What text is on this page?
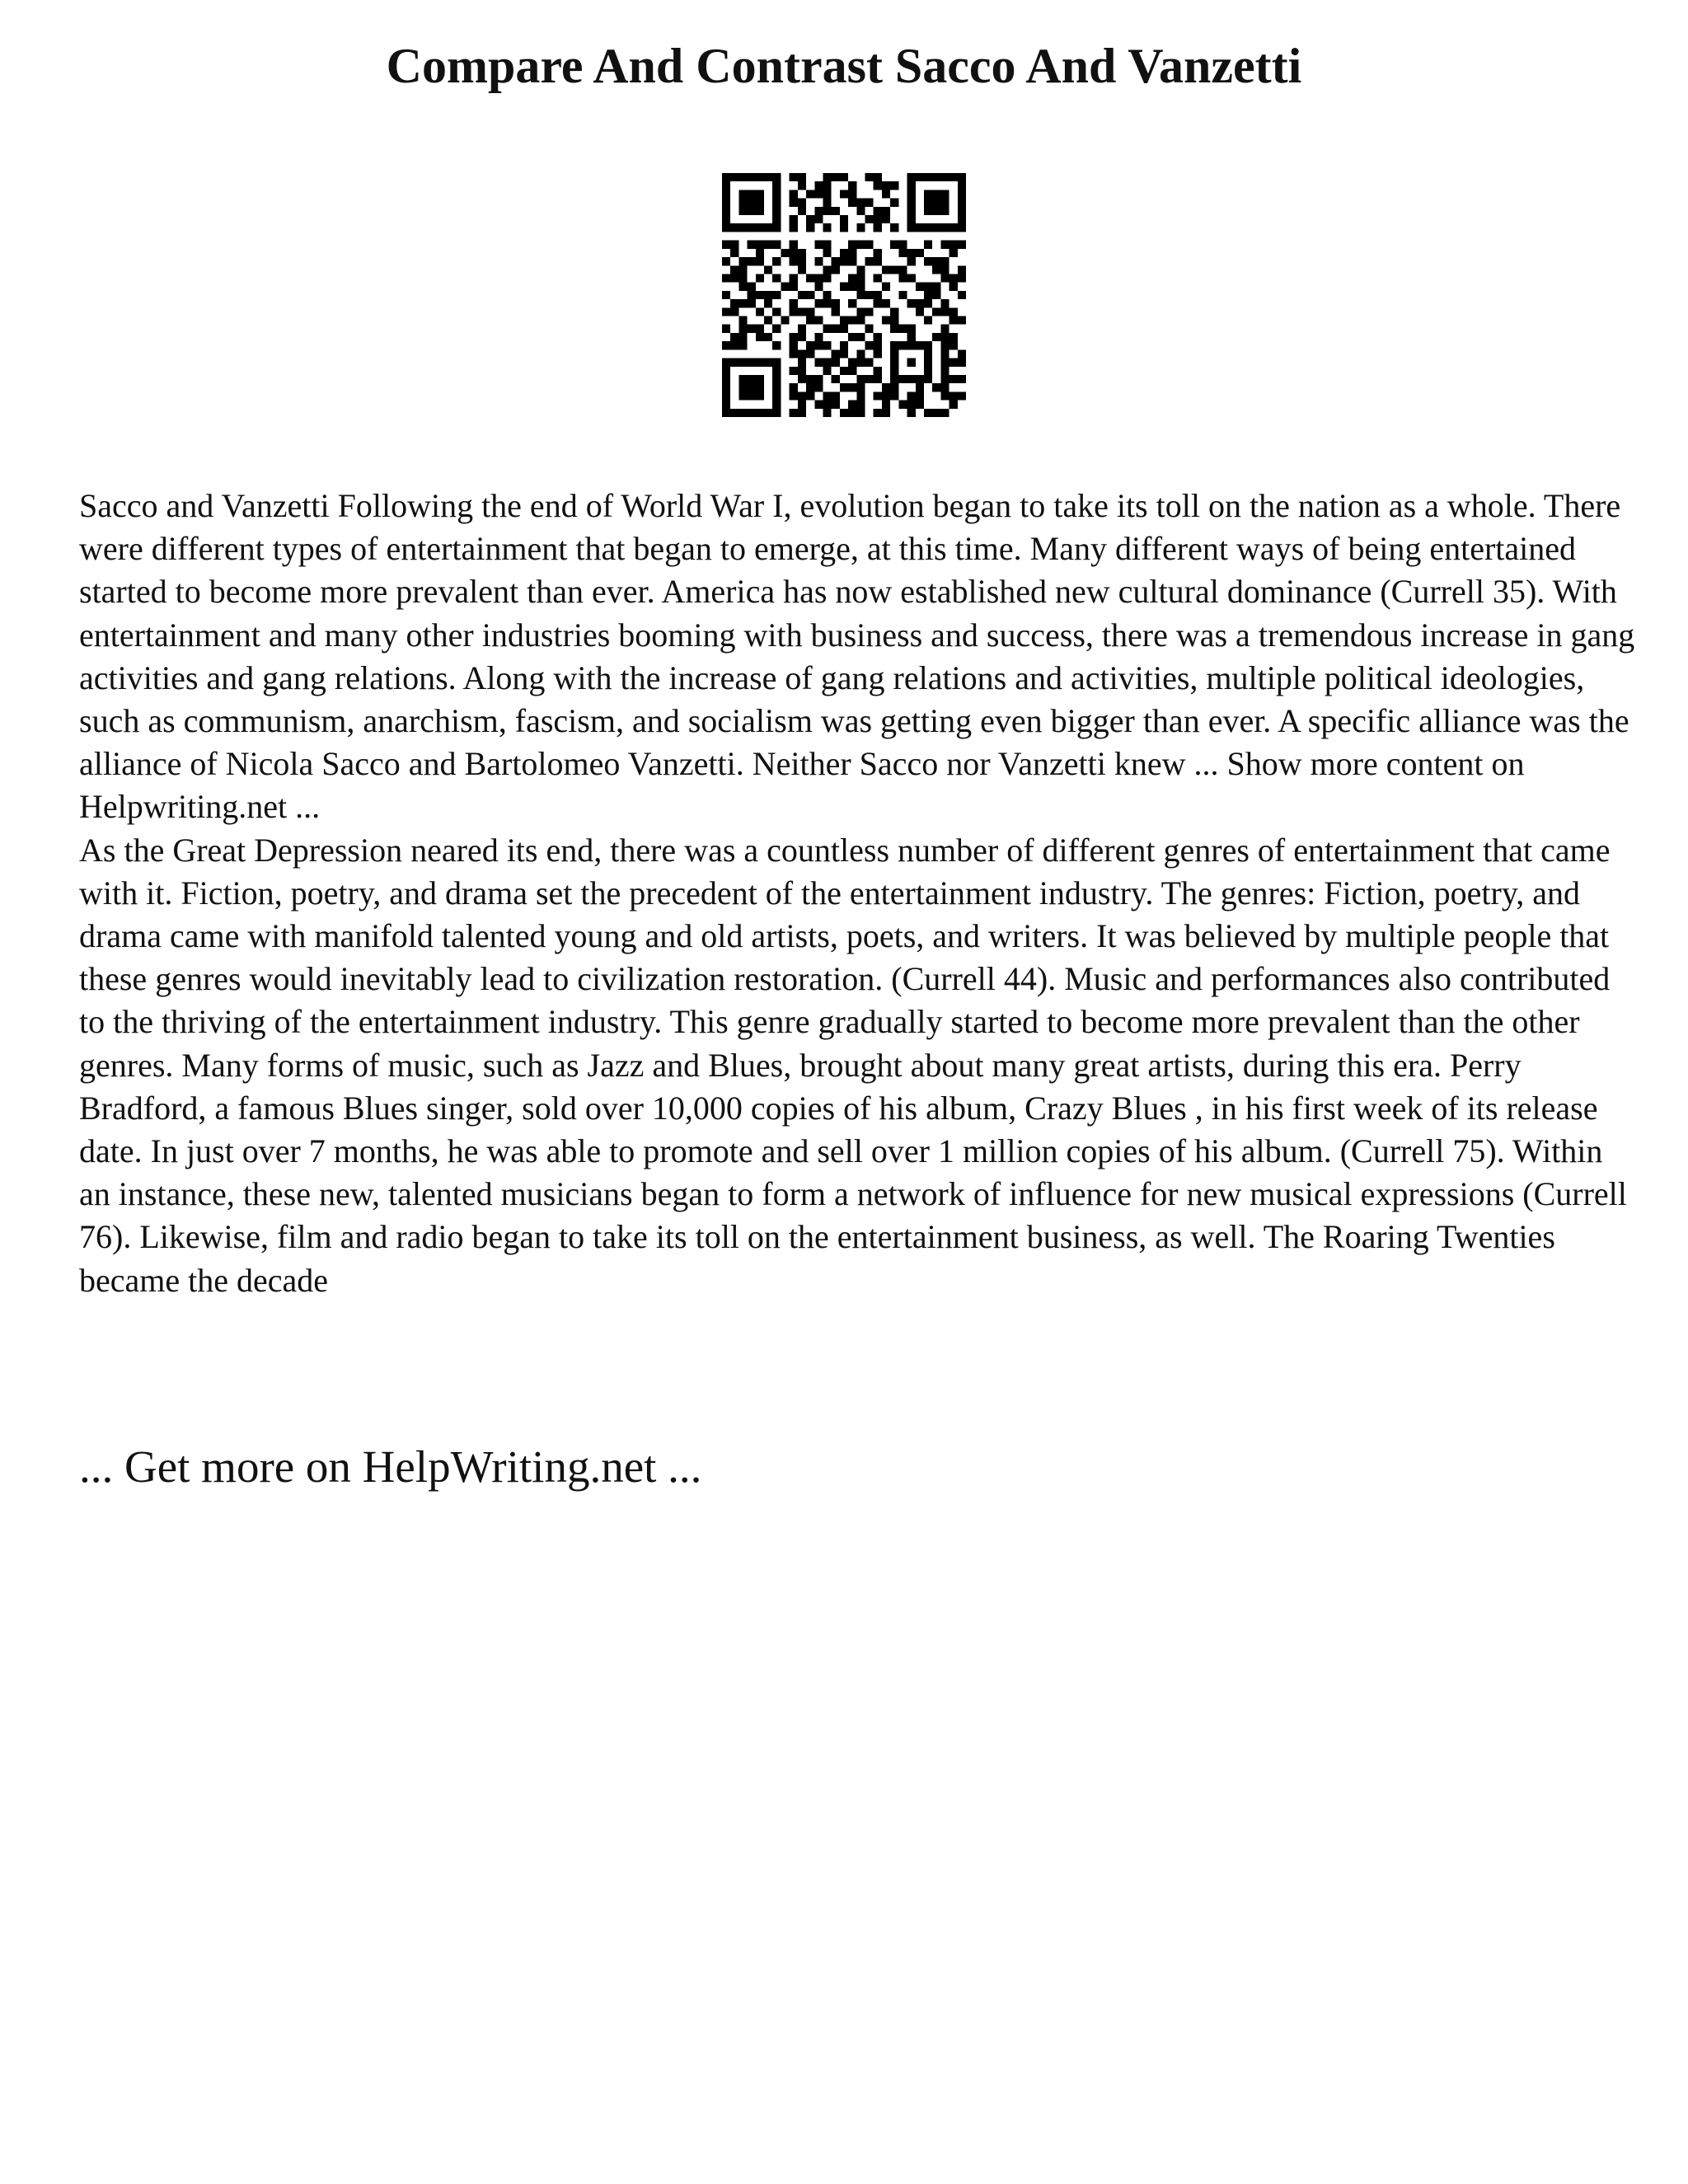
Compare And Contrast Sacco And Vanzetti

Sacco and Vanzetti Following the end of World War I, evolution began to take its toll on the nation as a whole. There were different types of entertainment that began to emerge, at this time. Many different ways of being entertained started to become more prevalent than ever. America has now established new cultural dominance (Currell 35). With entertainment and many other industries booming with business and success, there was a tremendous increase in gang activities and gang relations. Along with the increase of gang relations and activities, multiple political ideologies, such as communism, anarchism, fascism, and socialism was getting even bigger than ever. A specific alliance was the alliance of Nicola Sacco and Bartolomeo Vanzetti. Neither Sacco nor Vanzetti knew ... Show more content on Helpwriting.net ...

As the Great Depression neared its end, there was a countless number of different genres of entertainment that came with it. Fiction, poetry, and drama set the precedent of the entertainment industry. The genres: Fiction, poetry, and drama came with manifold talented young and old artists, poets, and writers. It was believed by multiple people that these genres would inevitably lead to civilization restoration. (Currell 44). Music and performances also contributed to the thriving of the entertainment industry. This genre gradually started to become more prevalent than the other genres. Many forms of music, such as Jazz and Blues, brought about many great artists, during this era. Perry Bradford, a famous Blues singer, sold over 10,000 copies of his album, Crazy Blues , in his first week of its release date. In just over 7 months, he was able to promote and sell over 1 million copies of his album. (Currell 75). Within an instance, these new, talented musicians began to form a network of influence for new musical expressions (Currell 76). Likewise, film and radio began to take its toll on the entertainment business, as well. The Roaring Twenties became the decade

... Get more on HelpWriting.net ...
